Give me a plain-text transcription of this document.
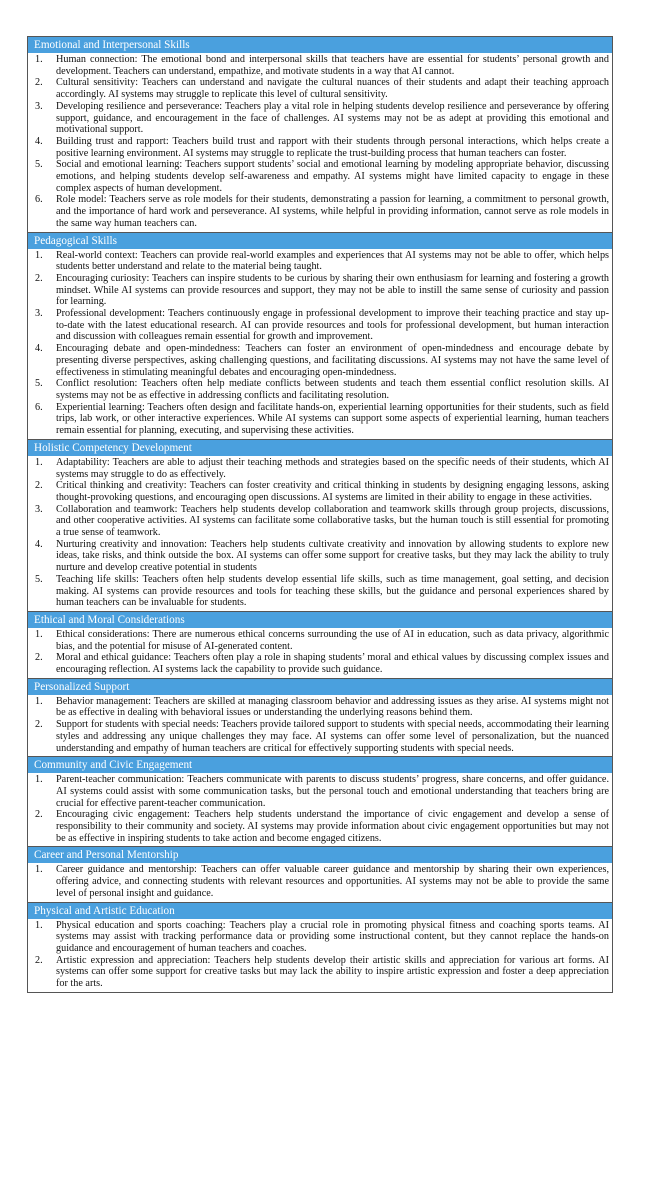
Emotional and Interpersonal Skills
1.	Human connection: The emotional bond and interpersonal skills that teachers have are essential for students’ personal growth and development. Teachers can understand, empathize, and motivate students in a way that AI cannot.
2.	Cultural sensitivity: Teachers can understand and navigate the cultural nuances of their students and adapt their teaching approach accordingly. AI systems may struggle to replicate this level of cultural sensitivity.
3.	Developing resilience and perseverance: Teachers play a vital role in helping students develop resilience and perseverance by offering support, guidance, and encouragement in the face of challenges. AI systems may not be as adept at providing this emotional and motivational support.
4.	Building trust and rapport: Teachers build trust and rapport with their students through personal interactions, which helps create a positive learning environment. AI systems may struggle to replicate the trust-building process that human teachers can foster.
5.	Social and emotional learning: Teachers support students’ social and emotional learning by modeling appropriate behavior, discussing emotions, and helping students develop self-awareness and empathy. AI systems might have limited capacity to engage in these complex aspects of human development.
6.	Role model: Teachers serve as role models for their students, demonstrating a passion for learning, a commitment to personal growth, and the importance of hard work and perseverance. AI systems, while helpful in providing information, cannot serve as role models in the same way human teachers can.
Pedagogical Skills
1.	Real-world context: Teachers can provide real-world examples and experiences that AI systems may not be able to offer, which helps students better understand and relate to the material being taught.
2.	Encouraging curiosity: Teachers can inspire students to be curious by sharing their own enthusiasm for learning and fostering a growth mindset. While AI systems can provide resources and support, they may not be able to instill the same sense of curiosity and passion for learning.
3.	Professional development: Teachers continuously engage in professional development to improve their teaching practice and stay up-to-date with the latest educational research. AI can provide resources and tools for professional development, but human interaction and discussion with colleagues remain essential for growth and improvement.
4.	Encouraging debate and open-mindedness: Teachers can foster an environment of open-mindedness and encourage debate by presenting diverse perspectives, asking challenging questions, and facilitating discussions. AI systems may not have the same level of effectiveness in stimulating meaningful debates and encouraging open-mindedness.
5.	Conflict resolution: Teachers often help mediate conflicts between students and teach them essential conflict resolution skills. AI systems may not be as effective in addressing conflicts and facilitating resolution.
6.	Experiential learning: Teachers often design and facilitate hands-on, experiential learning opportunities for their students, such as field trips, lab work, or other interactive experiences. While AI systems can support some aspects of experiential learning, human teachers remain essential for planning, executing, and supervising these activities.
Holistic Competency Development
1.	Adaptability: Teachers are able to adjust their teaching methods and strategies based on the specific needs of their students, which AI systems may struggle to do as effectively.
2.	Critical thinking and creativity: Teachers can foster creativity and critical thinking in students by designing engaging lessons, asking thought-provoking questions, and encouraging open discussions. AI systems are limited in their ability to engage in these activities.
3.	Collaboration and teamwork: Teachers help students develop collaboration and teamwork skills through group projects, discussions, and other cooperative activities. AI systems can facilitate some collaborative tasks, but the human touch is still essential for promoting a true sense of teamwork.
4.	Nurturing creativity and innovation: Teachers help students cultivate creativity and innovation by allowing students to explore new ideas, take risks, and think outside the box. AI systems can offer some support for creative tasks, but they may lack the ability to truly nurture and develop creative potential in students
5.	Teaching life skills: Teachers often help students develop essential life skills, such as time management, goal setting, and decision making. AI systems can provide resources and tools for teaching these skills, but the guidance and personal experiences shared by human teachers can be invaluable for students.
Ethical and Moral Considerations
1.	Ethical considerations: There are numerous ethical concerns surrounding the use of AI in education, such as data privacy, algorithmic bias, and the potential for misuse of AI-generated content.
2.	Moral and ethical guidance: Teachers often play a role in shaping students’ moral and ethical values by discussing complex issues and encouraging reflection. AI systems lack the capability to provide such guidance.
Personalized Support
1.	Behavior management: Teachers are skilled at managing classroom behavior and addressing issues as they arise. AI systems might not be as effective in dealing with behavioral issues or understanding the underlying reasons behind them.
2.	Support for students with special needs: Teachers provide tailored support to students with special needs, accommodating their learning styles and addressing any unique challenges they may face. AI systems can offer some level of personalization, but the nuanced understanding and empathy of human teachers are critical for effectively supporting students with special needs.
Community and Civic Engagement
1.	Parent-teacher communication: Teachers communicate with parents to discuss students’ progress, share concerns, and offer guidance. AI systems could assist with some communication tasks, but the personal touch and emotional understanding that teachers bring are crucial for effective parent-teacher communication.
2.	Encouraging civic engagement: Teachers help students understand the importance of civic engagement and develop a sense of responsibility to their community and society. AI systems may provide information about civic engagement opportunities but may not be as effective in inspiring students to take action and become engaged citizens.
Career and Personal Mentorship
1.	Career guidance and mentorship: Teachers can offer valuable career guidance and mentorship by sharing their own experiences, offering advice, and connecting students with relevant resources and opportunities. AI systems may not be able to provide the same level of personal insight and guidance.
Physical and Artistic Education
1.	Physical education and sports coaching: Teachers play a crucial role in promoting physical fitness and coaching sports teams. AI systems may assist with tracking performance data or providing some instructional content, but they cannot replace the hands-on guidance and encouragement of human teachers and coaches.
2.	Artistic expression and appreciation: Teachers help students develop their artistic skills and appreciation for various art forms. AI systems can offer some support for creative tasks but may lack the ability to inspire artistic expression and foster a deep appreciation for the arts.
